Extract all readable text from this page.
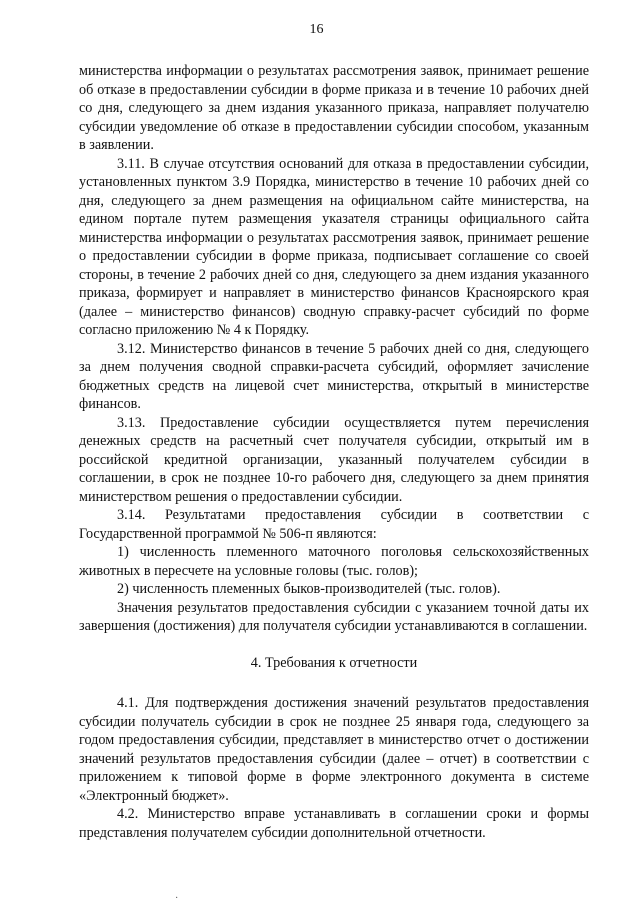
16

министерства информации о результатах рассмотрения заявок, принимает решение об отказе в предоставлении субсидии в форме приказа и в течение 10 рабочих дней со дня, следующего за днем издания указанного приказа, направляет получателю субсидии уведомление об отказе в предоставлении субсидии способом, указанным в заявлении.

3.11. В случае отсутствия оснований для отказа в предоставлении субсидии, установленных пунктом 3.9 Порядка, министерство в течение 10 рабочих дней со дня, следующего за днем размещения на официальном сайте министерства, на едином портале путем размещения указателя страницы официального сайта министерства информации о результатах рассмотрения заявок, принимает решение о предоставлении субсидии в форме приказа, подписывает соглашение со своей стороны, в течение 2 рабочих дней со дня, следующего за днем издания указанного приказа, формирует и направляет в министерство финансов Красноярского края (далее – министерство финансов) сводную справку-расчет субсидий по форме согласно приложению № 4 к Порядку.

3.12. Министерство финансов в течение 5 рабочих дней со дня, следующего за днем получения сводной справки-расчета субсидий, оформляет зачисление бюджетных средств на лицевой счет министерства, открытый в министерстве финансов.

3.13. Предоставление субсидии осуществляется путем перечисления денежных средств на расчетный счет получателя субсидии, открытый им в российской кредитной организации, указанный получателем субсидии в соглашении, в срок не позднее 10-го рабочего дня, следующего за днем принятия министерством решения о предоставлении субсидии.

3.14. Результатами предоставления субсидии в соответствии с Государственной программой № 506-п являются:

1) численность племенного маточного поголовья сельскохозяйственных животных в пересчете на условные головы (тыс. голов);

2) численность племенных быков-производителей (тыс. голов).

Значения результатов предоставления субсидии с указанием точной даты их завершения (достижения) для получателя субсидии устанавливаются в соглашении.

4. Требования к отчетности

4.1. Для подтверждения достижения значений результатов предоставления субсидии получатель субсидии в срок не позднее 25 января года, следующего за годом предоставления субсидии, представляет в министерство отчет о достижении значений результатов предоставления субсидии (далее – отчет) в соответствии с приложением к типовой форме в форме электронного документа в системе «Электронный бюджет».

4.2. Министерство вправе устанавливать в соглашении сроки и формы представления получателем субсидии дополнительной отчетности.

·
